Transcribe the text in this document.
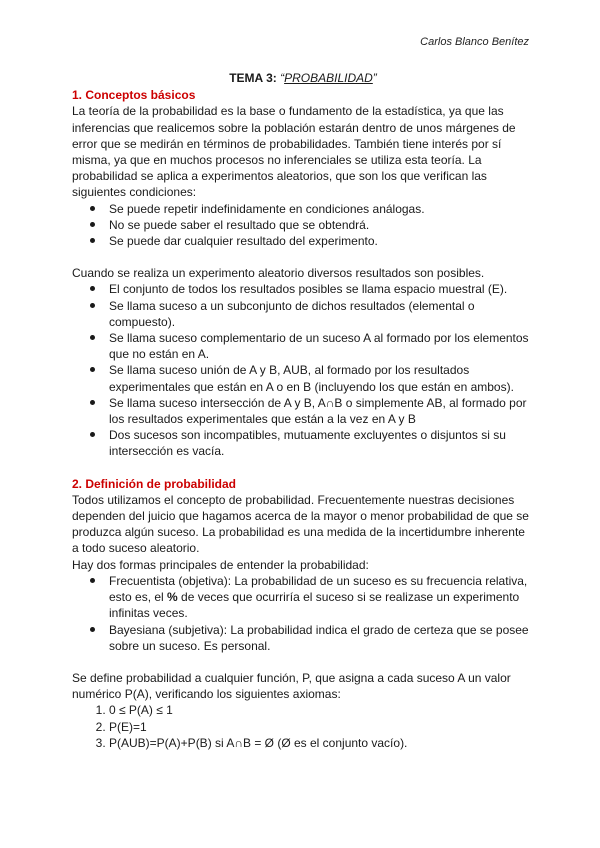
Carlos Blanco Benítez
TEMA 3: “PROBABILIDAD”
1. Conceptos básicos

La teoría de la probabilidad es la base o fundamento de la estadística, ya que las inferencias que realicemos sobre la población estarán dentro de unos márgenes de error que se medirán en términos de probabilidades. También tiene interés por sí misma, ya que en muchos procesos no inferenciales se utiliza esta teoría. La probabilidad se aplica a experimentos aleatorios, que son los que verifican las siguientes condiciones:

Se puede repetir indefinidamente en condiciones análogas.
No se puede saber el resultado que se obtendrá.
Se puede dar cualquier resultado del experimento.

Cuando se realiza un experimento aleatorio diversos resultados son posibles.

El conjunto de todos los resultados posibles se llama espacio muestral (E).
Se llama suceso a un subconjunto de dichos resultados (elemental o compuesto).
Se llama suceso complementario de un suceso A al formado por los elementos que no están en A.
Se llama suceso unión de A y B, AUB, al formado por los resultados experimentales que están en A o en B (incluyendo los que están en ambos).
Se llama suceso intersección de A y B, A∩B o simplemente AB, al formado por los resultados experimentales que están a la vez en A y B
Dos sucesos son incompatibles, mutuamente excluyentes o disjuntos si su intersección es vacía.
2. Definición de probabilidad

Todos utilizamos el concepto de probabilidad. Frecuentemente nuestras decisiones dependen del juicio que hagamos acerca de la mayor o menor probabilidad de que se produzca algún suceso. La probabilidad es una medida de la incertidumbre inherente a todo suceso aleatorio.

Hay dos formas principales de entender la probabilidad:

Frecuentista (objetiva): La probabilidad de un suceso es su frecuencia relativa, esto es, el % de veces que ocurriría el suceso si se realizase un experimento infinitas veces.
Bayesiana (subjetiva): La probabilidad indica el grado de certeza que se posee sobre un suceso. Es personal.

Se define probabilidad a cualquier función, P, que asigna a cada suceso A un valor numérico P(A), verificando los siguientes axiomas:

1. 0 ≤ P(A) ≤ 1
2. P(E)=1
3. P(AUB)=P(A)+P(B) si A∩B = Ø (Ø es el conjunto vacío).
